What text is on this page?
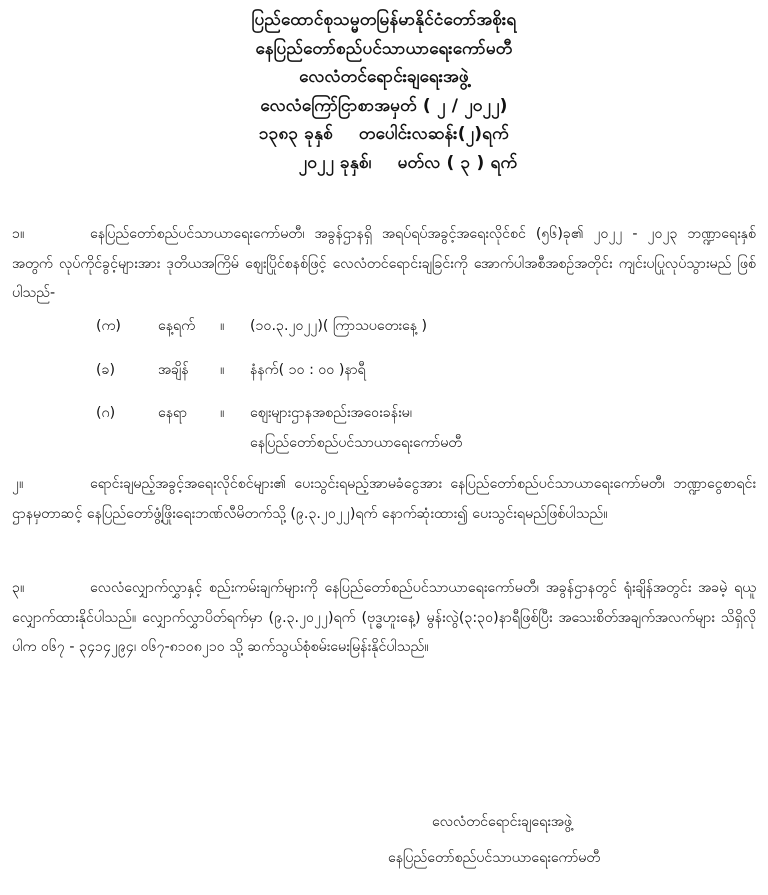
ပြည်ထောင်စုသမ္မတမြန်မာနိုင်ငံတော်အစိုးရ
နေပြည်တော်စည်ပင်သာယာရေးကော်မတီ
လေလံတင်ရောင်းချရေးအဖွဲ့
လေလံကြော်ငြာစာအမှတ် ( ၂ / ၂၀၂၂)
၁၃၈၃ ခုနှစ် တပေါင်းလဆန်း(၂)ရက်
၂၀၂၂ ခုနှစ်၊ မတ်လ ( ၃ ) ရက်
၁။	နေပြည်တော်စည်ပင်သာယာရေးကော်မတီ၊ အခွန်ဌာနရှိ အရပ်ရပ်အခွင့်အရေးလိုင်စင် (၅၆)ခု၏ ၂၀၂၂ - ၂၀၂၃ ဘဏ္ဍာရေးနှစ်အတွက် လုပ်ကိုင်ခွင့်များအား ဒုတိယအကြိမ် ဈေးပြိုင်စနစ်ဖြင့် လေလံတင်ရောင်းချခြင်းကို အောက်ပါအစီအစဉ်အတိုင်း ကျင်းပပြုလုပ်သွားမည် ဖြစ်ပါသည်-
(က)	နေ့ရက်	။	(၁၀.၃.၂၀၂၂)( ကြာသပတေးနေ့ )
(ခ)	အချိန်	။	နံနက်( ၁၀ : ၀၀ )နာရီ
(ဂ)	နေရာ	။	ဈေးများဌာနအစည်းအဝေးခန်းမ၊
နေပြည်တော်စည်ပင်သာယာရေးကော်မတီ
၂။	ရောင်းချမည့်အခွင့်အရေးလိုင်စင်များ၏ ပေးသွင်းရမည့်အာမခံငွေအား နေပြည်တော်စည်ပင်သာယာရေးကော်မတီ၊ ဘဏ္ဍာငွေစာရင်းဌာနမှတာဆင့် နေပြည်တော်ဖွံ့ဖြိုးရေးဘဏ်လီမိတက်သို့ (၉.၃.၂၀၂၂)ရက် နောက်ဆုံးထား၍ ပေးသွင်းရမည်ဖြစ်ပါသည်။
၃။	လေလံလျှောက်လွှာနှင့် စည်းကမ်းချက်များကို နေပြည်တော်စည်ပင်သာယာရေးကော်မတီ၊ အခွန်ဌာနတွင် ရုံးချိန်အတွင်း အခမဲ့ ရယူလျှောက်ထားနိုင်ပါသည်။ လျှောက်လွှာပိတ်ရက်မှာ (၉.၃.၂၀၂၂)ရက် (ဗုဒ္ဓဟူးနေ့) မွန်းလွဲ(၃:၃၀)နာရီဖြစ်ပြီး အသေးစိတ်အချက်အလက်များ သိရှိလိုပါက ၀၆၇ - ၃၄၁၄၂၉၄၊ ၀၆၇-၈၁၀၈၂၁၀ သို့ ဆက်သွယ်စုံစမ်းမေးမြန်းနိုင်ပါသည်။
လေလံတင်ရောင်းချရေးအဖွဲ့
နေပြည်တော်စည်ပင်သာယာရေးကော်မတီ
